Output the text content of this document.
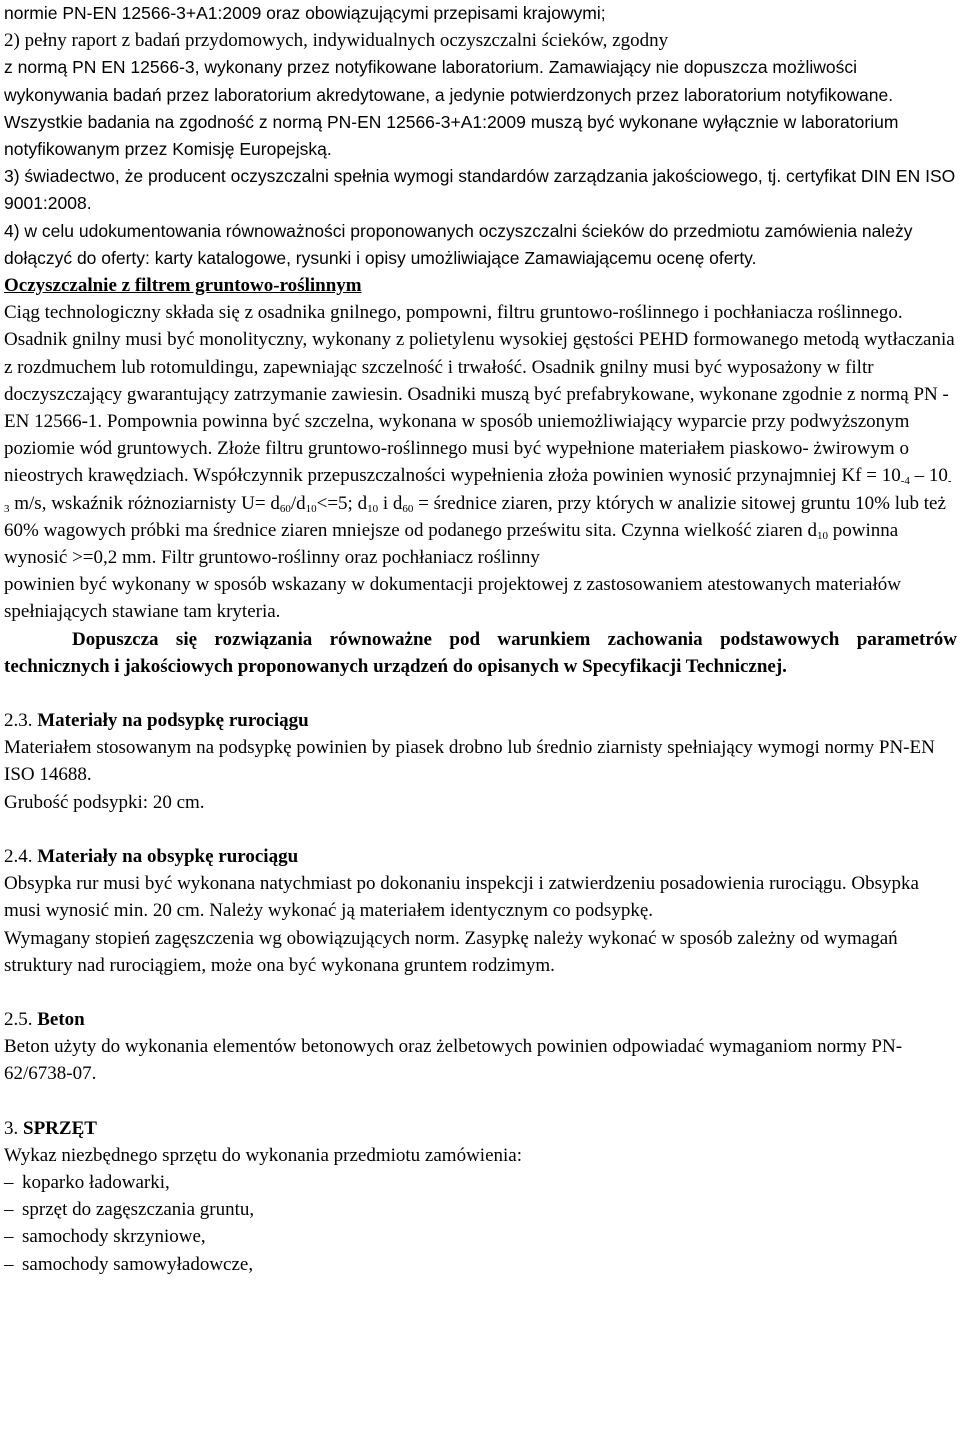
normie PN-EN 12566-3+A1:2009 oraz obowiązującymi przepisami krajowymi;

2) pełny raport z badań przydomowych, indywidualnych oczyszczalni ścieków, zgodny

z normą PN EN 12566-3, wykonany przez notyfikowane laboratorium. Zamawiający nie dopuszcza możliwości wykonywania badań przez laboratorium akredytowane, a jedynie potwierdzonych przez laboratorium notyfikowane. Wszystkie badania na zgodność z normą PN-EN 12566-3+A1:2009 muszą być wykonane wyłącznie w laboratorium notyfikowanym przez Komisję Europejską.

3) świadectwo, że producent oczyszczalni spełnia wymogi standardów zarządzania jakościowego, tj. certyfikat DIN EN ISO 9001:2008.

4) w celu udokumentowania równoważności proponowanych oczyszczalni ścieków do przedmiotu zamówienia należy dołączyć do oferty: karty katalogowe, rysunki i opisy umożliwiające Zamawiającemu ocenę oferty.

Oczyszczalnie z filtrem gruntowo-roślinnym

Ciąg technologiczny składa się z osadnika gnilnego, pompowni, filtru gruntowo-roślinnego i pochłaniacza roślinnego. Osadnik gnilny musi być monolityczny, wykonany z polietylenu wysokiej gęstości PEHD formowanego metodą wytłaczania z rozdmuchem lub rotomuldingu, zapewniając szczelność i trwałość. Osadnik gnilny musi być wyposażony w filtr doczyszczający gwarantujący zatrzymanie zawiesin. Osadniki muszą być prefabrykowane, wykonane zgodnie z normą PN -EN 12566-1. Pompownia powinna być szczelna, wykonana w sposób uniemożliwiający wyparcie przy podwyższonym poziomie wód gruntowych. Złoże filtru gruntowo-roślinnego musi być wypełnione materiałem piaskowo- żwirowym o nieostrych krawędziach. Współczynnik przepuszczalności wypełnienia złoża powinien wynosić przynajmniej $Kf = 10_{-4} - 10_{-3}$ m/s, wskaźnik różnoziarnisty $U= d_{60}/d_{10}<=5$; $d_{10}$ i $d_{60}$ = średnice ziaren, przy których w analizie sitowej gruntu 10% lub też 60% wagowych próbki ma średnice ziaren mniejsze od podanego prześwitu sita. Czynna wielkość ziaren $d_{10}$ powinna wynosić >=0,2 mm. Filtr gruntowo-roślinny oraz pochłaniacz roślinny

powinien być wykonany w sposób wskazany w dokumentacji projektowej z zastosowaniem atestowanych materiałów spełniających stawiane tam kryteria.

Dopuszcza się rozwiązania równoważne pod warunkiem zachowania podstawowych parametrów technicznych i jakościowych proponowanych urządzeń do opisanych w Specyfikacji Technicznej.

2.3. Materiały na podsypkę rurociągu

Materiałem stosowanym na podsypkę powinien by piasek drobno lub średnio ziarnisty spełniający wymogi normy PN-EN ISO 14688.

Grubość podsypki: 20 cm.

2.4. Materiały na obsypkę rurociągu

Obsypka rur musi być wykonana natychmiast po dokonaniu inspekcji i zatwierdzeniu posadowienia rurociągu. Obsypka musi wynosić min. 20 cm. Należy wykonać ją materiałem identycznym co podsypkę.

Wymagany stopień zagęszczenia wg obowiązujących norm. Zasypkę należy wykonać w sposób zależny od wymagań struktury nad rurociągiem, może ona być wykonana gruntem rodzimym.

2.5. Beton

Beton użyty do wykonania elementów betonowych oraz żelbetowych powinien odpowiadać wymaganiom normy PN-62/6738-07.

3. SPRZĘT

Wykaz niezbędnego sprzętu do wykonania przedmiotu zamówienia:

–
koparko ładowarki,
–
sprzęt do zagęszczania gruntu,
–
samochody skrzyniowe,
–
samochody samowyładowcze,
